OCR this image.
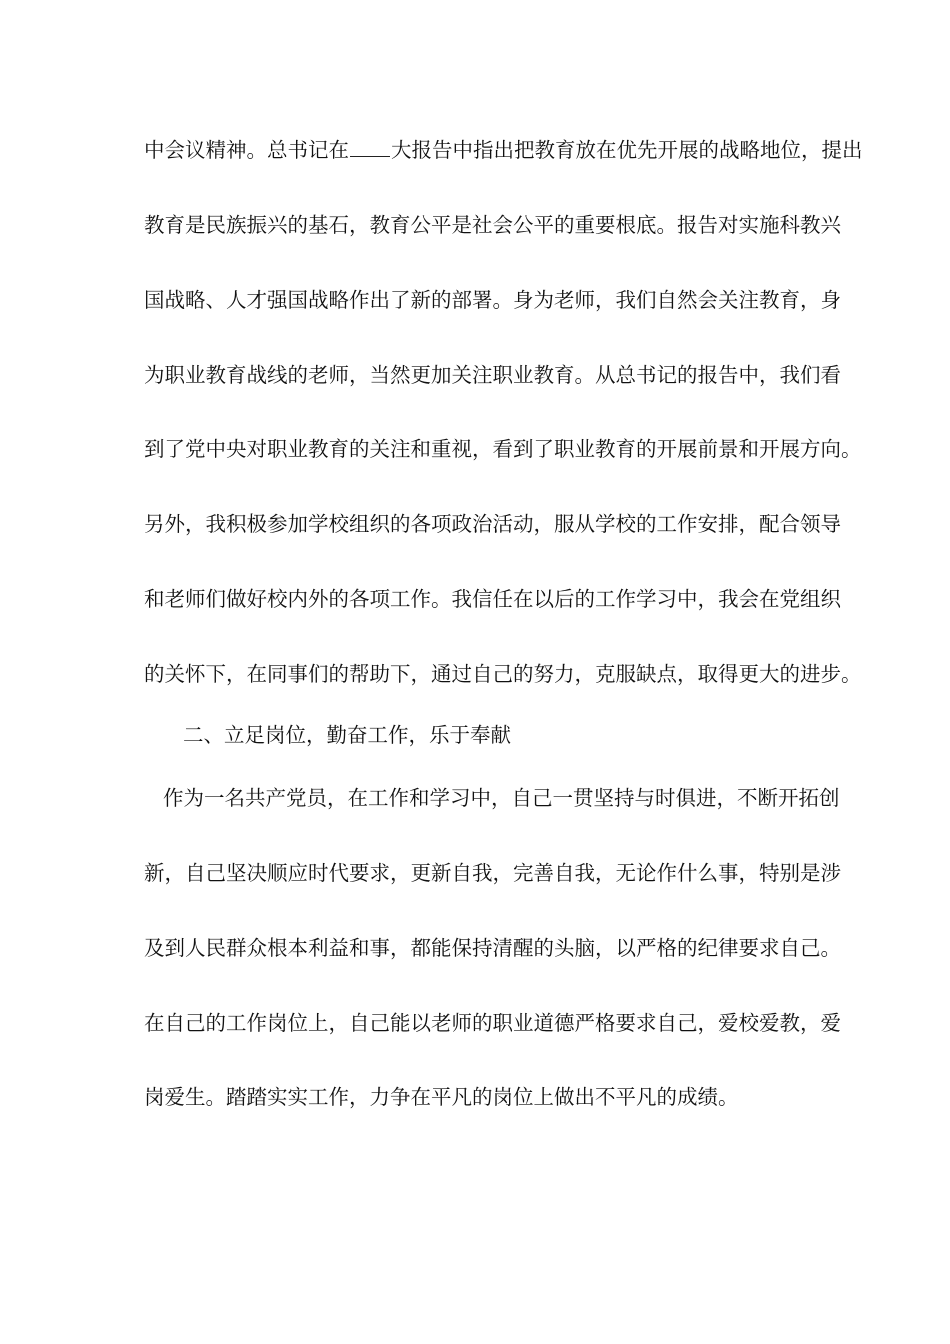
中会议精神。总书记在 大报告中指出把教育放在优先开展的战略地位，提出
教育是民族振兴的基石，教育公平是社会公平的重要根底。报告对实施科教兴
国战略、人才强国战略作出了新的部署。身为老师，我们自然会关注教育，身
为职业教育战线的老师，当然更加关注职业教育。从总书记的报告中，我们看
到了党中央对职业教育的关注和重视，看到了职业教育的开展前景和开展方向。
另外，我积极参加学校组织的各项政治活动，服从学校的工作安排，配合领导
和老师们做好校内外的各项工作。我信任在以后的工作学习中，我会在党组织
的关怀下，在同事们的帮助下，通过自己的努力，克服缺点，取得更大的进步。
二、立足岗位，勤奋工作，乐于奉献
作为一名共产党员，在工作和学习中，自己一贯坚持与时俱进，不断开拓创
新，自己坚决顺应时代要求，更新自我，完善自我，无论作什么事，特别是涉
及到人民群众根本利益和事，都能保持清醒的头脑，以严格的纪律要求自己。
在自己的工作岗位上，自己能以老师的职业道德严格要求自己，爱校爱教，爱
岗爱生。踏踏实实工作，力争在平凡的岗位上做出不平凡的成绩。
